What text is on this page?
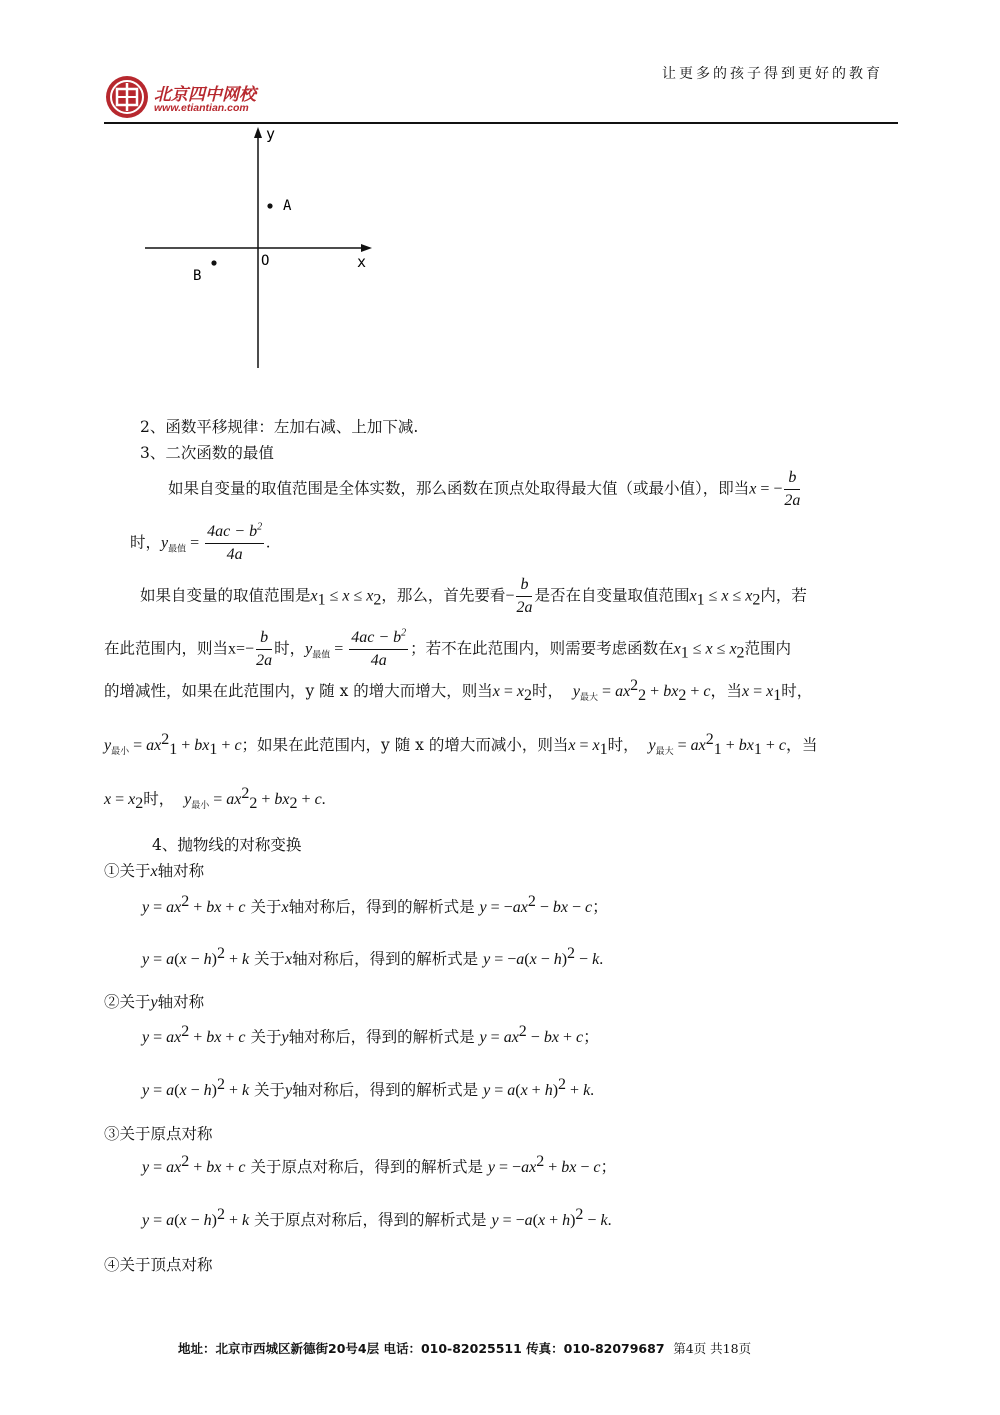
北京四中网校
www.etiantian.com
让更多的孩子得到更好的教育
y
x
O
A
B
2、函数平移规律：左加右减、上加下减.
3、二次函数的最值
如果自变量的取值范围是全体实数，那么函数在顶点处取得最大值（或最小值），即当x = − $\frac{b}{2a}$
时，$y_{最值} = \frac{4ac - b^2}{4a}$ .
如果自变量的取值范围是$x_1 \le x \le x_2$，那么，首先要看− $\frac{b}{2a}$ 是否在自变量取值范围$x_1 \le x \le x_2$内，若
在此范围内，则当$x=- \frac{b}{2a}$ 时，$y_{最值} = \frac{4ac - b^2}{4a}$ ；若不在此范围内，则需要考虑函数在$x_1 \le x \le x_2$范围内
的增减性，如果在此范围内，y 随 x 的增大而增大，则当$x = x_2$时， $y_{最大} = ax^2_2 + bx_2 + c$，当$x = x_1$时，
$y_{最小} = ax^2_1 + bx_1 + c$；如果在此范围内，y 随 x 的增大而减小，则当$x = x_1$时， $y_{最大} = ax^2_1 + bx_1 + c$，当
$x = x_2$时， $y_{最小} = ax^2_2 + bx_2 + c$.
4、抛物线的对称变换
①关于x轴对称
$y = ax^2$ + bx + c 关于x轴对称后，得到的解析式是 $y = -ax^2$ − bx − c；
$y = a(x - h)^2 + k$ 关于x轴对称后，得到的解析式是 $y = -a(x - h)^2 - k$.
②关于y轴对称
$y = ax^2$ + bx + c 关于y轴对称后，得到的解析式是 $y = ax^2$ − bx + c；
$y = a(x - h)^2 + k$ 关于y轴对称后，得到的解析式是 $y = a(x + h)^2 + k$.
③关于原点对称
$y = ax^2$ + bx + c 关于原点对称后，得到的解析式是 $y = -ax^2$ + bx − c；
$y = a(x - h)^2 + k$ 关于原点对称后，得到的解析式是 $y = -a(x + h)^2 - k$.
④关于顶点对称
地址：北京市西城区新德街20号4层 电话：010-82025511 传真：010-82079687 第4页 共18页
